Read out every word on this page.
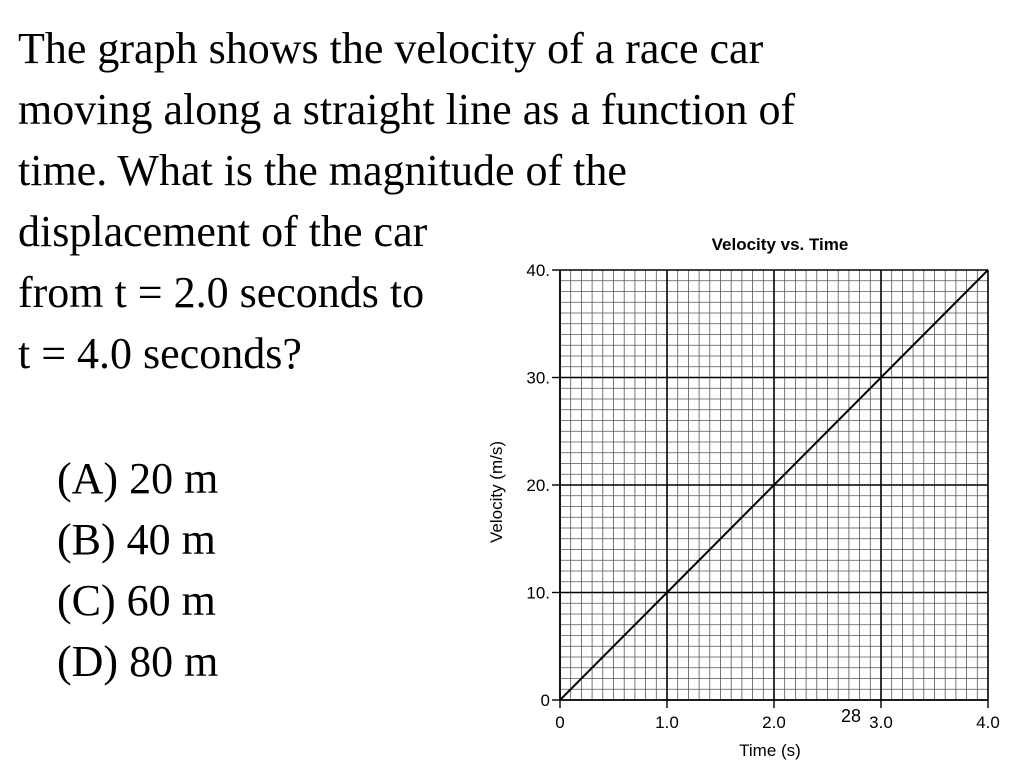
The graph shows the velocity of a race car
moving along a straight line as a function of
time. What is the magnitude of the
displacement of the car
from t = 2.0 seconds to
t = 4.0 seconds?
(A) 20 m
(B) 40 m
(C) 60 m
(D) 80 m
Velocity vs. Time
0	1.0	2.0	3.0	4.0
0
10.
20.
30.
40.
Time (s)
Velocity (m/s)
28
